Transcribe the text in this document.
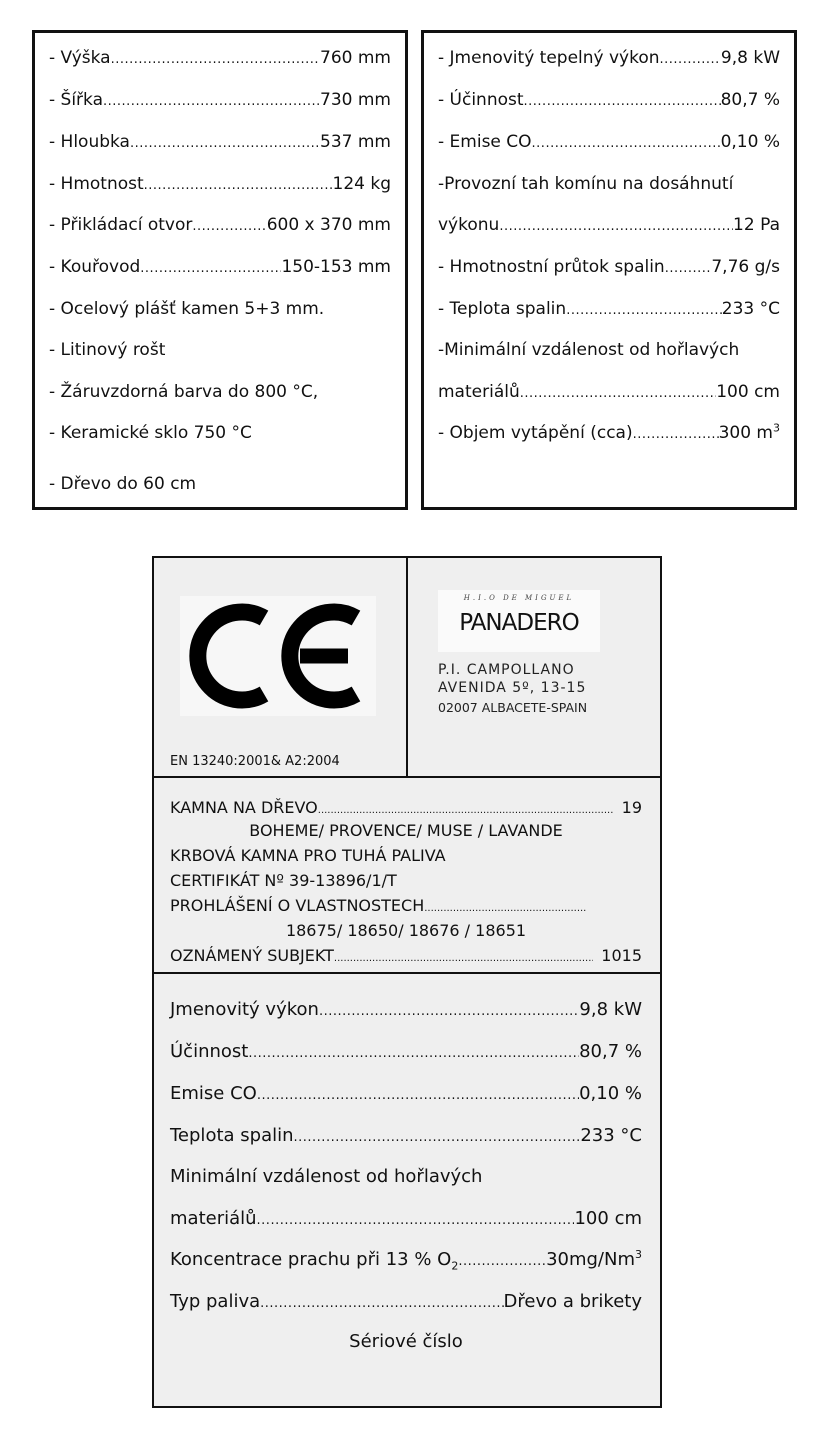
- Výška .....	760 mm
- Šířka .....	730 mm
- Hloubka .....	537 mm
- Hmotnost .....	124 kg
- Přikládací otvor .....	600 x 370 mm
- Kouřovod .....	150-153 mm
- Ocelový plášť kamen 5+3 mm.
- Litinový rošt
- Žáruvzdorná barva do 800 °C,
- Keramické sklo 750 °C
- Dřevo do 60 cm
- Jmenovitý tepelný výkon .....	9,8 kW
- Účinnost .....	80,7 %
- Emise CO .....	0,10 %
-Provozní tah komínu na dosáhnutí
výkonu .....	12 Pa
- Hmotnostní průtok spalin .....	7,76 g/s
- Teplota spalin .....	233 °C
-Minimální vzdálenost od hořlavých
materiálů .....	100 cm
- Objem vytápění (cca) .....	300 $m^3$
EN 13240:2001& A2:2004
H.I.O DE MIGUEL
PANADERO
P.I. CAMPOLLANO
AVENIDA 5º, 13-15
02007 ALBACETE-SPAIN
KAMNA NA DŘEVO .....	19
BOHEME/ PROVENCE/ MUSE / LAVANDE
KRBOVÁ KAMNA PRO TUHÁ PALIVA
CERTIFIKÁT Nº 39-13896/1/T
PROHLÁŠENÍ O VLASTNOSTECH
.....
18675/ 18650/ 18676 / 18651
OZNÁMENÝ SUBJEKT .....	1015
Jmenovitý výkon .....	9,8 kW
Účinnost .....	80,7 %
Emise CO .....	0,10 %
Teplota spalin .....	233 °C
Minimální vzdálenost od hořlavých
materiálů .....	100 cm
Koncentrace prachu při 13 % $O_2$ .....	30mg/Nm$^3$
Typ paliva .....	Dřevo a brikety
Sériové číslo
